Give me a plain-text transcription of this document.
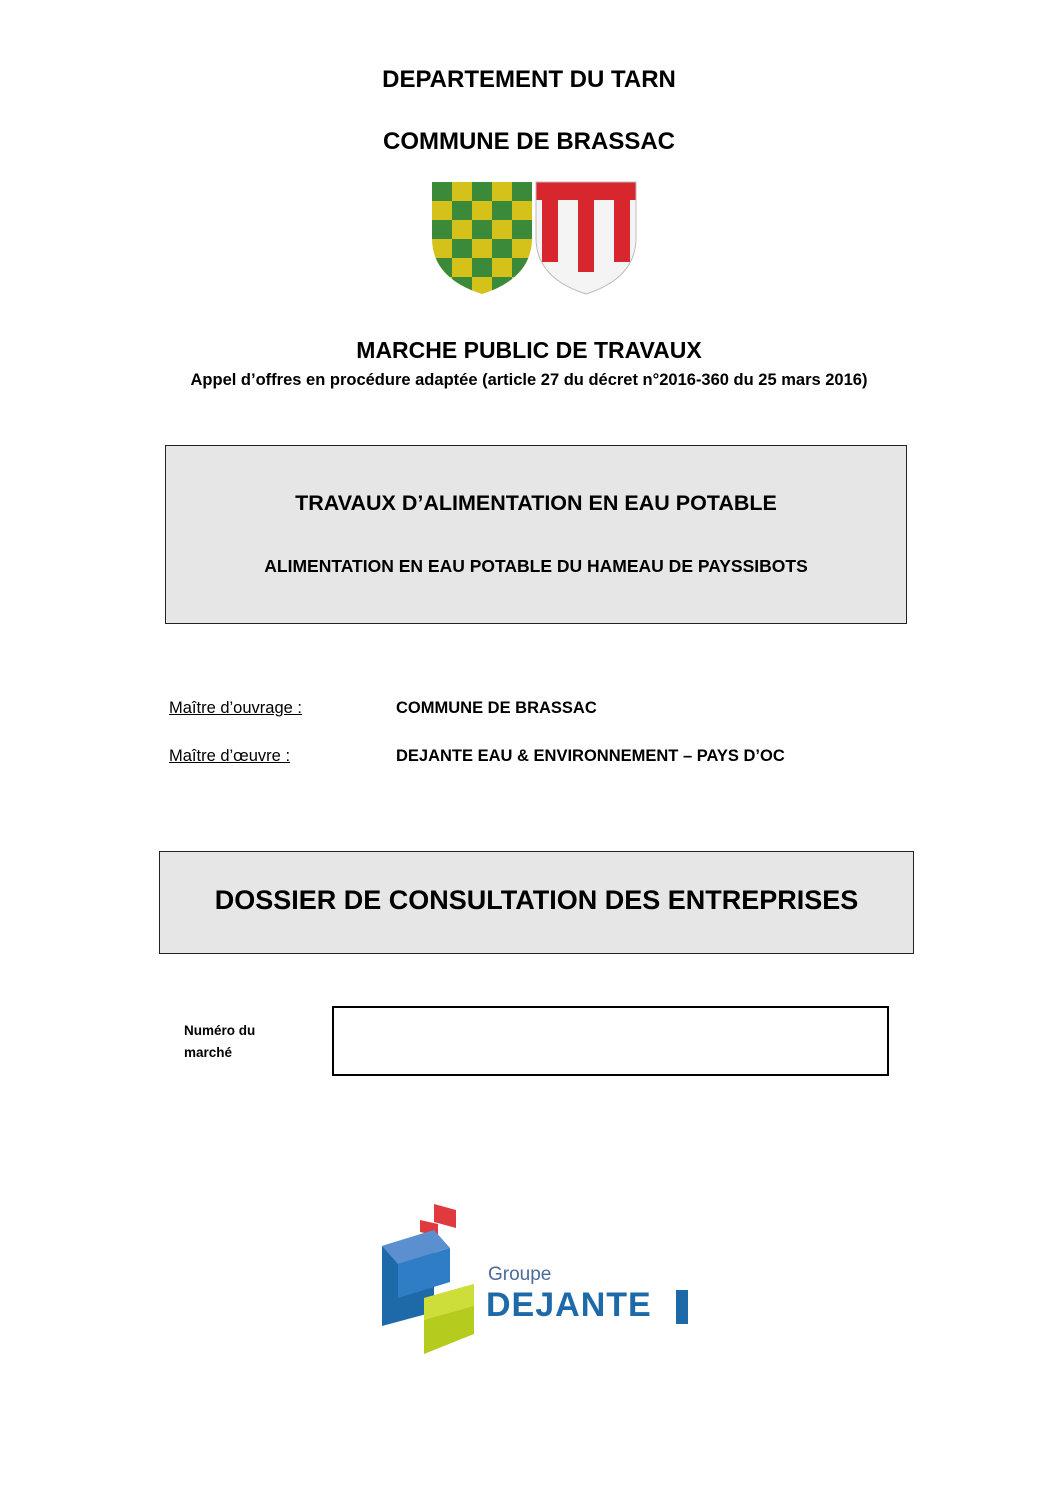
DEPARTEMENT DU TARN
COMMUNE DE BRASSAC
MARCHE PUBLIC DE TRAVAUX
Appel d’offres en procédure adaptée (article 27 du décret n°2016-360 du 25 mars 2016)
TRAVAUX D’ALIMENTATION EN EAU POTABLE
ALIMENTATION EN EAU POTABLE DU HAMEAU DE PAYSSIBOTS
Maître d’ouvrage :	COMMUNE DE BRASSAC
Maître d’œuvre :	DEJANTE EAU & ENVIRONNEMENT – PAYS D’OC
DOSSIER DE CONSULTATION DES ENTREPRISES
Numéro du
marché
Groupe
DEJANTE
